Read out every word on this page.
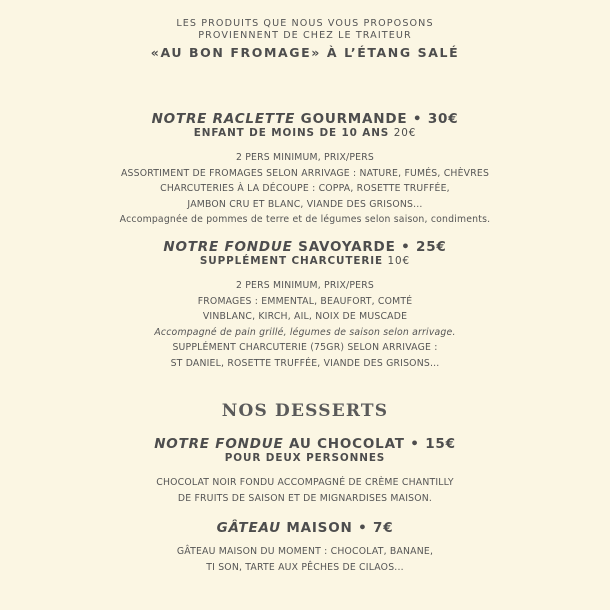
LES PRODUITS QUE NOUS VOUS PROPOSONS
PROVIENNENT DE CHEZ LE TRAITEUR
«AU BON FROMAGE» À L’ÉTANG SALÉ
NOTRE RACLETTE GOURMANDE • 30€
ENFANT DE MOINS DE 10 ANS 20€
2 PERS MINIMUM, PRIX/PERS
ASSORTIMENT DE FROMAGES SELON ARRIVAGE : NATURE, FUMÉS, CHÈVRES
CHARCUTERIES À LA DÉCOUPE : COPPA, ROSETTE TRUFFÉE,
JAMBON CRU ET BLANC, VIANDE DES GRISONS...
Accompagnée de pommes de terre et de légumes selon saison, condiments.
NOTRE FONDUE SAVOYARDE • 25€
SUPPLÉMENT CHARCUTERIE 10€
2 PERS MINIMUM, PRIX/PERS
FROMAGES : EMMENTAL, BEAUFORT, COMTÉ
VINBLANC, KIRCH, AIL, NOIX DE MUSCADE
Accompagné de pain grillé, légumes de saison selon arrivage.
SUPPLÉMENT CHARCUTERIE (75GR) SELON ARRIVAGE :
ST DANIEL, ROSETTE TRUFFÉE, VIANDE DES GRISONS...
NOS DESSERTS
NOTRE FONDUE AU CHOCOLAT • 15€
POUR DEUX PERSONNES
CHOCOLAT NOIR FONDU ACCOMPAGNÉ DE CRÈME CHANTILLY
DE FRUITS DE SAISON ET DE MIGNARDISES MAISON.
GÂTEAU MAISON • 7€
GÂTEAU MAISON DU MOMENT : CHOCOLAT, BANANE,
TI SON, TARTE AUX PÊCHES DE CILAOS...
